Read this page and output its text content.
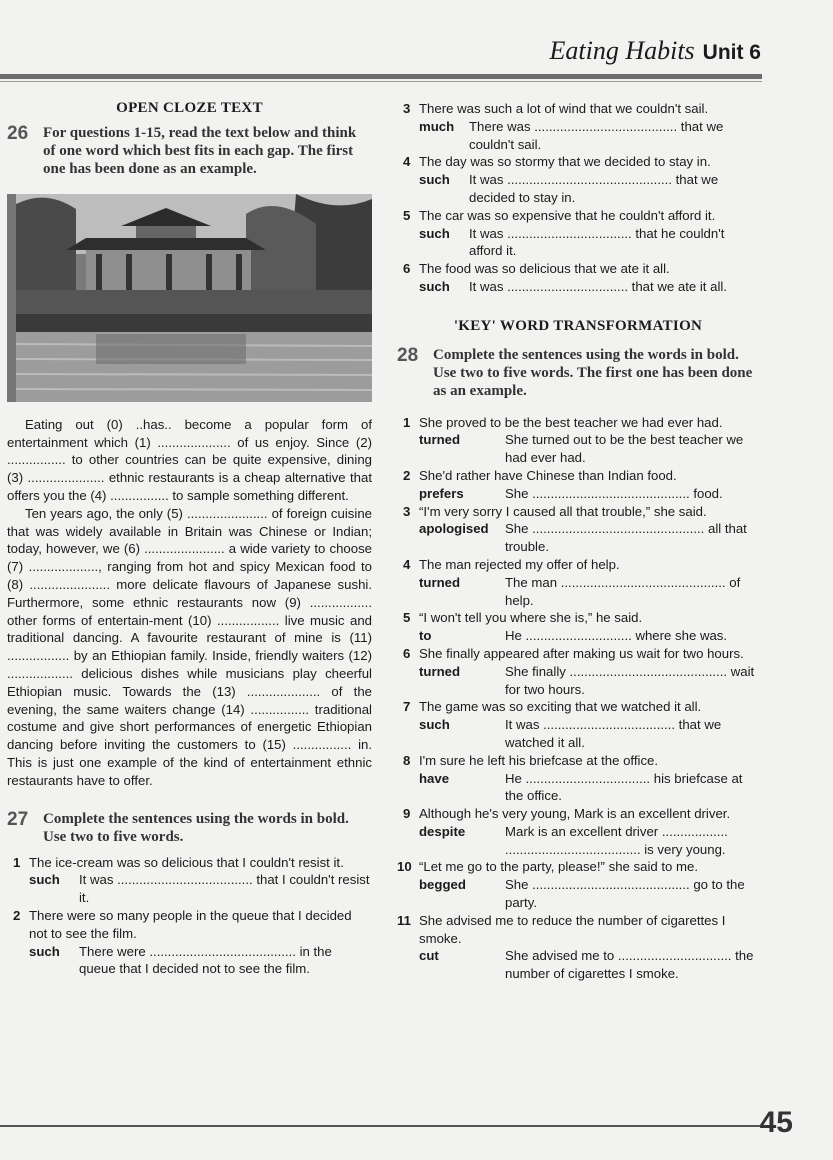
Eating Habits Unit 6
OPEN CLOZE TEXT
26 For questions 1-15, read the text below and think of one word which best fits in each gap. The first one has been done as an example.

Eating out (0) ..has.. become a popular form of entertainment which (1) .................... of us enjoy. Since (2) ................ to other countries can be quite expensive, dining (3) ..................... ethnic restaurants is a cheap alternative that offers you the (4) ................ to sample something different.

Ten years ago, the only (5) ...................... of foreign cuisine that was widely available in Britain was Chinese or Indian; today, however, we (6) ...................... a wide variety to choose (7) ..................., ranging from hot and spicy Mexican food to (8) ...................... more delicate flavours of Japanese sushi. Furthermore, some ethnic restaurants now (9) ................. other forms of entertain-ment (10) ................. live music and traditional dancing. A favourite restaurant of mine is (11) ................. by an Ethiopian family. Inside, friendly waiters (12) .................. delicious dishes while musicians play cheerful Ethiopian music. Towards the (13) .................... of the evening, the same waiters change (14) ................ traditional costume and give short performances of energetic Ethiopian dancing before inviting the customers to (15) ................ in. This is just one example of the kind of entertainment ethnic restaurants have to offer.

27 Complete the sentences using the words in bold. Use two to five words.
1 The ice-cream was so delicious that I couldn't resist it.
such	It was ..................................... that I couldn't resist it.
2 There were so many people in the queue that I decided not to see the film.
such	There were ........................................ in the queue that I decided not to see the film.
3 There was such a lot of wind that we couldn't sail.
much	There was ....................................... that we couldn't sail.
4 The day was so stormy that we decided to stay in.
such	It was ............................................. that we decided to stay in.
5 The car was so expensive that he couldn't afford it.
such	It was .................................. that he couldn't afford it.
6 The food was so delicious that we ate it all.
such	It was ................................. that we ate it all.
'KEY' WORD TRANSFORMATION
28 Complete the sentences using the words in bold. Use two to five words. The first one has been done as an example.
1 She proved to be the best teacher we had ever had.
turned	She turned out to be the best teacher we had ever had.
2 She'd rather have Chinese than Indian food.
prefers	She ........................................... food.
3 “I'm very sorry I caused all that trouble,” she said.
apologised	She ............................................... all that trouble.
4 The man rejected my offer of help.
turned	The man ............................................. of help.
5 “I won't tell you where she is,” he said.
to	He ............................. where she was.
6 She finally appeared after making us wait for two hours.
turned	She finally ........................................... wait for two hours.
7 The game was so exciting that we watched it all.
such	It was .................................... that we watched it all.
8 I'm sure he left his briefcase at the office.
have	He .................................. his briefcase at the office.
9 Although he's very young, Mark is an excellent driver.
despite	Mark is an excellent driver .................. ..................................... is very young.
10 “Let me go to the party, please!” she said to me.
begged	She ........................................... go to the party.
11 She advised me to reduce the number of cigarettes I smoke.
cut	She advised me to ............................... the number of cigarettes I smoke.
45
